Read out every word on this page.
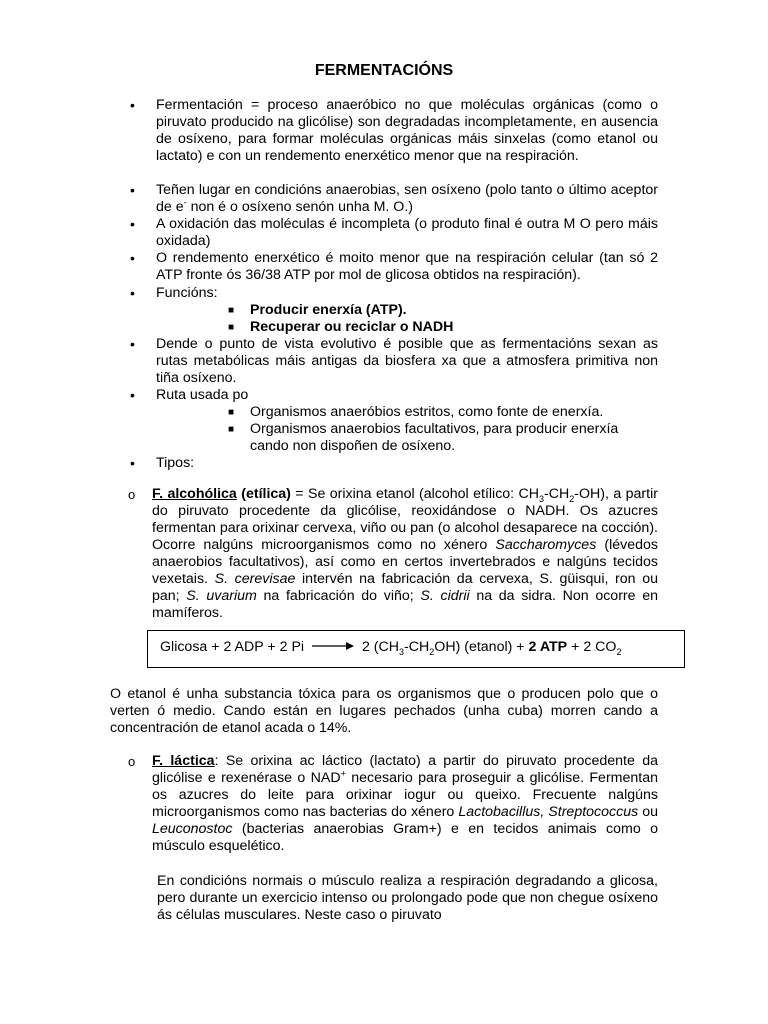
FERMENTACIÓNS
• Fermentación = proceso anaeróbico no que moléculas orgánicas (como o piruvato producido na glicólise) son degradadas incompletamente, en ausencia de osíxeno, para formar moléculas orgánicas máis sinxelas (como etanol ou lactato) e con un rendemento enerxético menor que na respiración.
• Teñen lugar en condicións anaerobias, sen osíxeno (polo tanto o último aceptor de e- non é o osíxeno senón unha M. O.)
• A oxidación das moléculas é incompleta (o produto final é outra M O pero máis oxidada)
• O rendemento enerxético é moito menor que na respiración celular (tan só 2 ATP fronte ós 36/38 ATP por mol de glicosa obtidos na respiración).
• Funcións:
■ Producir enerxía (ATP).
■ Recuperar ou reciclar o NADH
• Dende o punto de vista evolutivo é posible que as fermentacións sexan as rutas metabólicas máis antigas da biosfera xa que a atmosfera primitiva non tiña osíxeno.
• Ruta usada po
■ Organismos anaeróbios estritos, como fonte de enerxía.
■ Organismos anaerobios facultativos, para producir enerxía cando non dispoñen de osíxeno.
• Tipos:
o F. alcohólica (etílica) = Se orixina etanol (alcohol etílico: $CH_3-CH_2-OH$), a partir do piruvato procedente da glicólise, reoxidándose o NADH. Os azucres fermentan para orixinar cervexa, viño ou pan (o alcohol desaparece na cocción). Ocorre nalgúns microorganismos como no xénero Saccharomyces (lévedos anaerobios facultativos), así como en certos invertebrados e nalgúns tecidos vexetais. S. cerevisae intervén na fabricación da cervexa, S. güisqui, ron ou pan; S. uvarium na fabricación do viño; S. cidrii na da sidra. Non ocorre en mamíferos.
Glicosa + 2 ADP + 2 Pi	2 $(CH_3-CH_2OH)$ (etanol) + 2 ATP + 2 $CO_2$
O etanol é unha substancia tóxica para os organismos que o producen polo que o verten ó medio. Cando están en lugares pechados (unha cuba) morren cando a concentración de etanol acada o 14%.
o F. láctica: Se orixina ac láctico (lactato) a partir do piruvato procedente da glicólise e rexenérase o NAD+ necesario para proseguir a glicólise. Fermentan os azucres do leite para orixinar iogur ou queixo. Frecuente nalgúns microorganismos como nas bacterias do xénero Lactobacillus, Streptococcus ou Leuconostoc (bacterias anaerobias Gram+) e en tecidos animais como o músculo esquelético.
En condicións normais o músculo realiza a respiración degradando a glicosa, pero durante un exercicio intenso ou prolongado pode que non chegue osíxeno ás células musculares. Neste caso o piruvato
